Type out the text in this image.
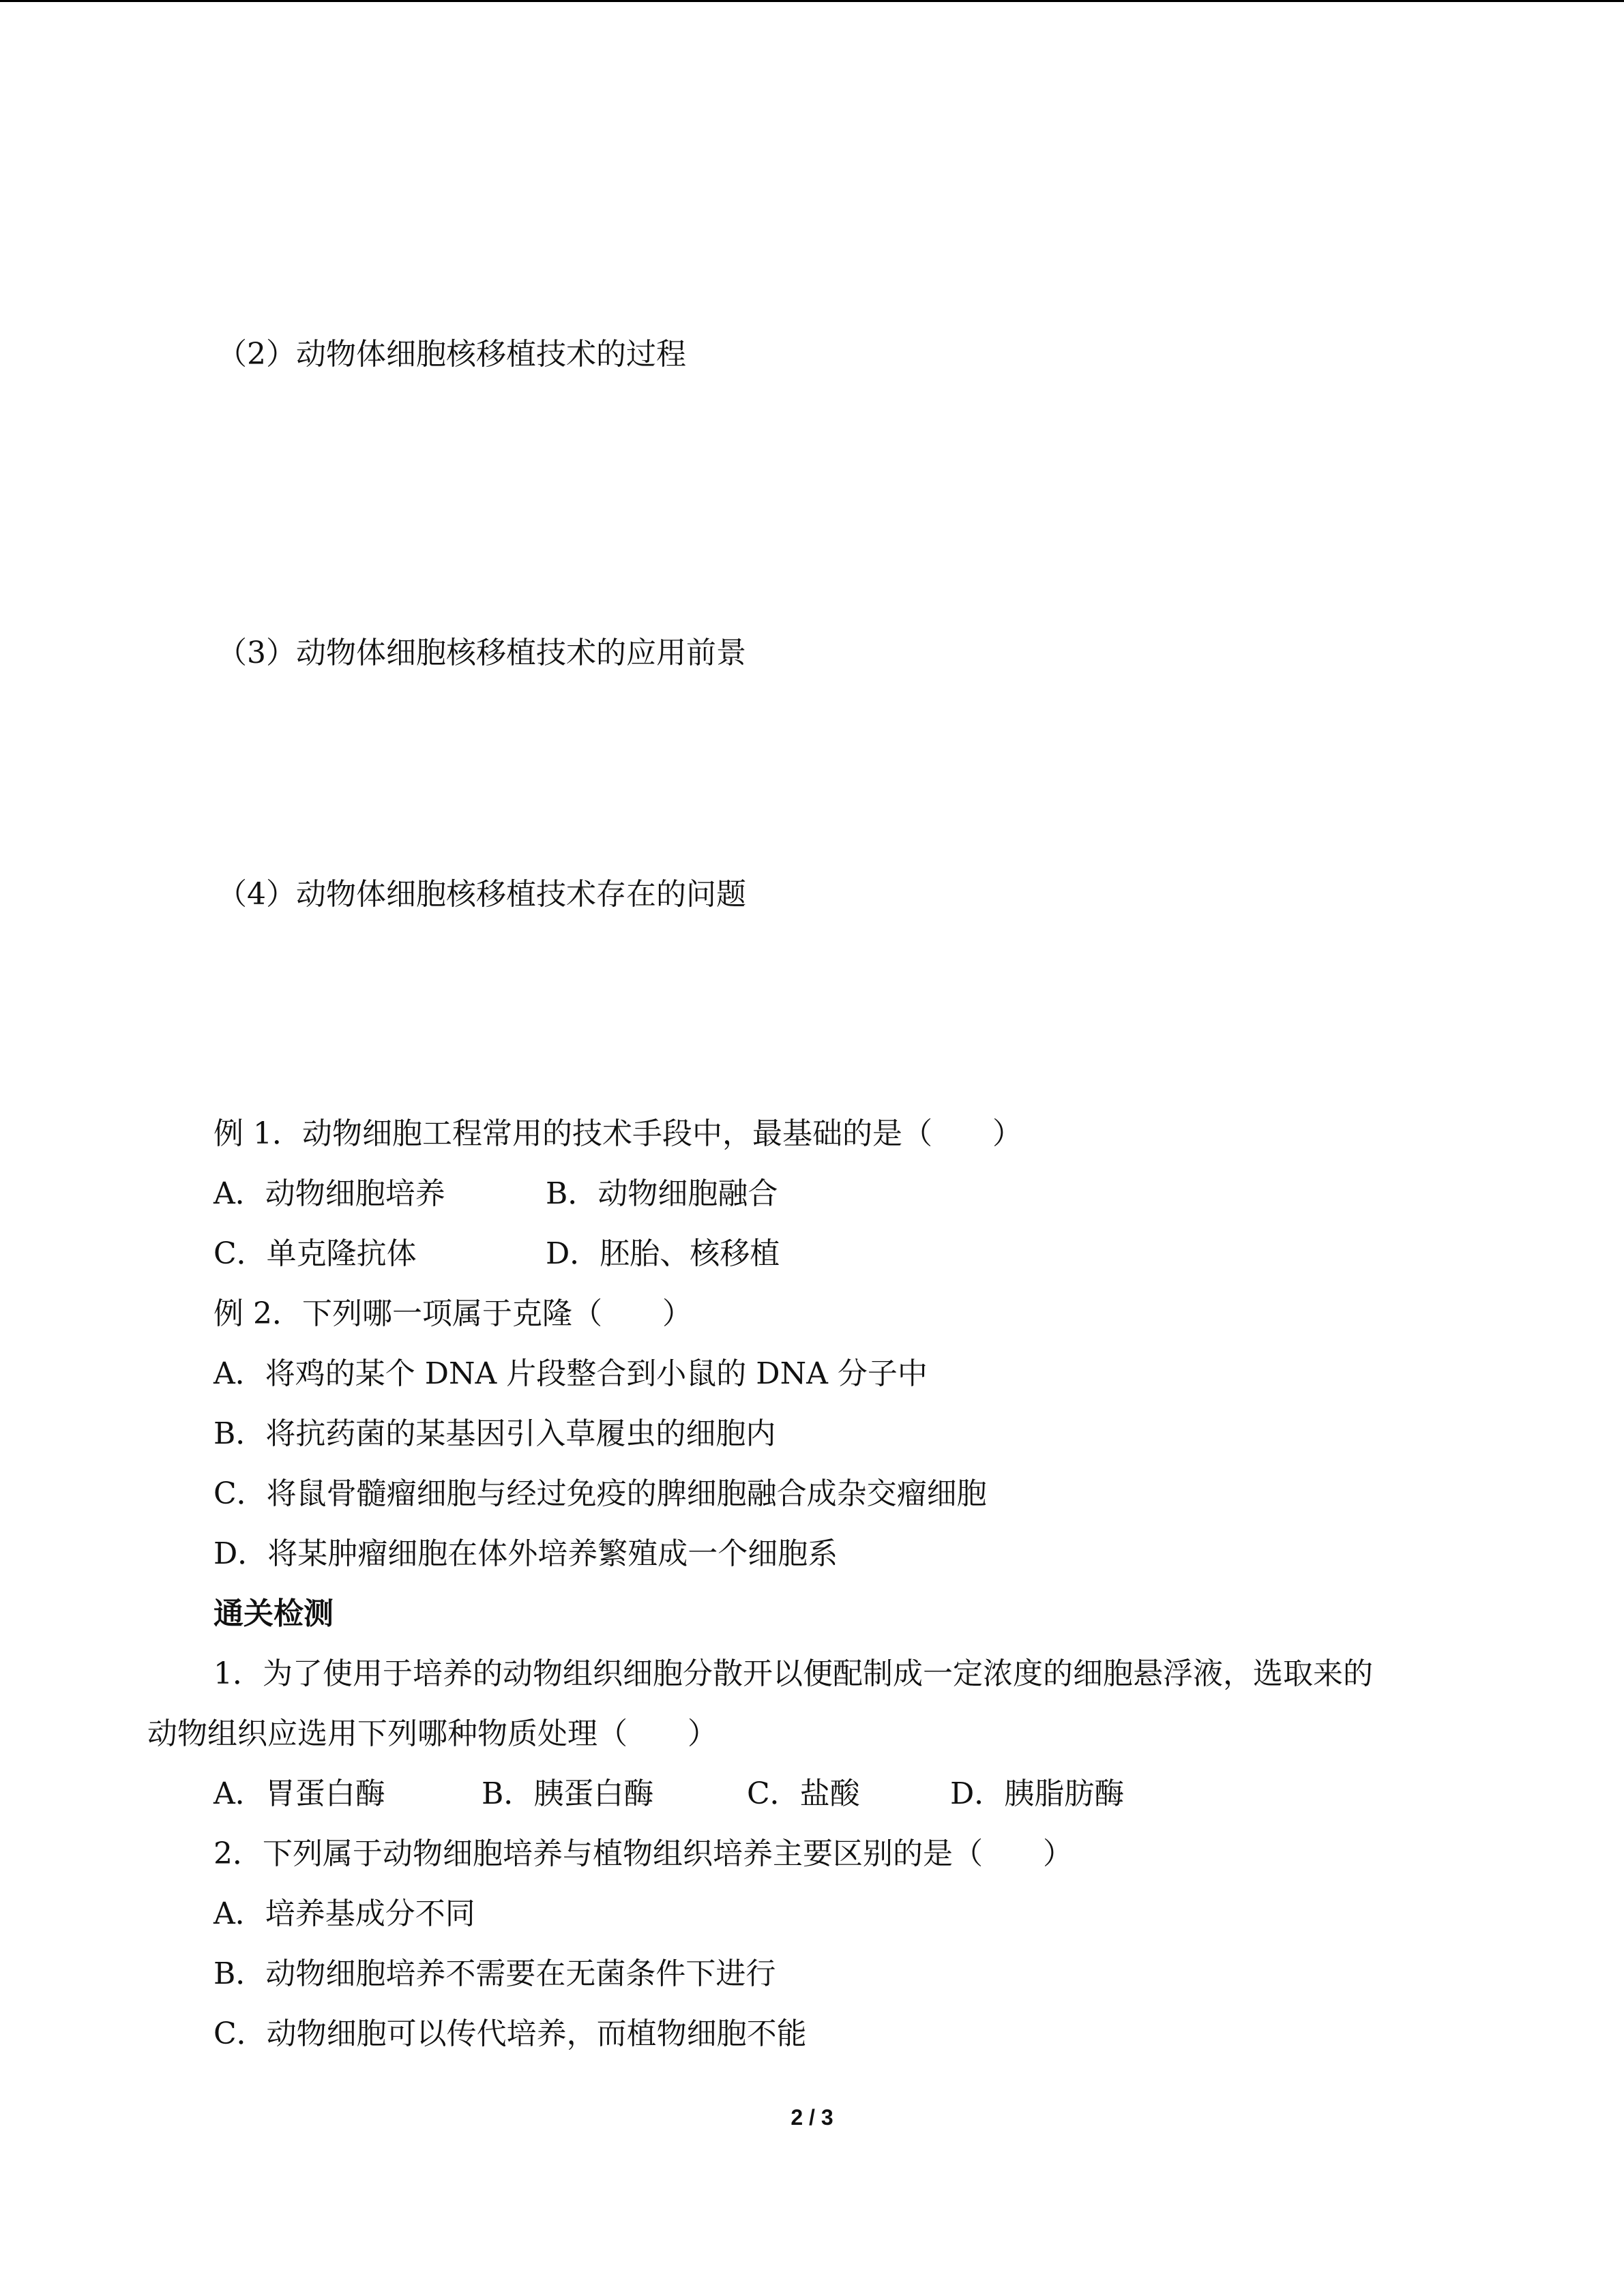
（2）动物体细胞核移植技术的过程
（3）动物体细胞核移植技术的应用前景
（4）动物体细胞核移植技术存在的问题
例 1．动物细胞工程常用的技术手段中，最基础的是（　　）
A．动物细胞培养	B．动物细胞融合
C．单克隆抗体	D．胚胎、核移植
例 2．下列哪一项属于克隆（　　）
A．将鸡的某个 DNA 片段整合到小鼠的 DNA 分子中
B．将抗药菌的某基因引入草履虫的细胞内
C．将鼠骨髓瘤细胞与经过免疫的脾细胞融合成杂交瘤细胞
D．将某肿瘤细胞在体外培养繁殖成一个细胞系
通关检测
1．为了使用于培养的动物组织细胞分散开以便配制成一定浓度的细胞悬浮液，选取来的
动物组织应选用下列哪种物质处理（　　）
A．胃蛋白酶	B．胰蛋白酶	C．盐酸	D．胰脂肪酶
2．下列属于动物细胞培养与植物组织培养主要区别的是（　　）
A．培养基成分不同
B．动物细胞培养不需要在无菌条件下进行
C．动物细胞可以传代培养，而植物细胞不能
2 / 3
